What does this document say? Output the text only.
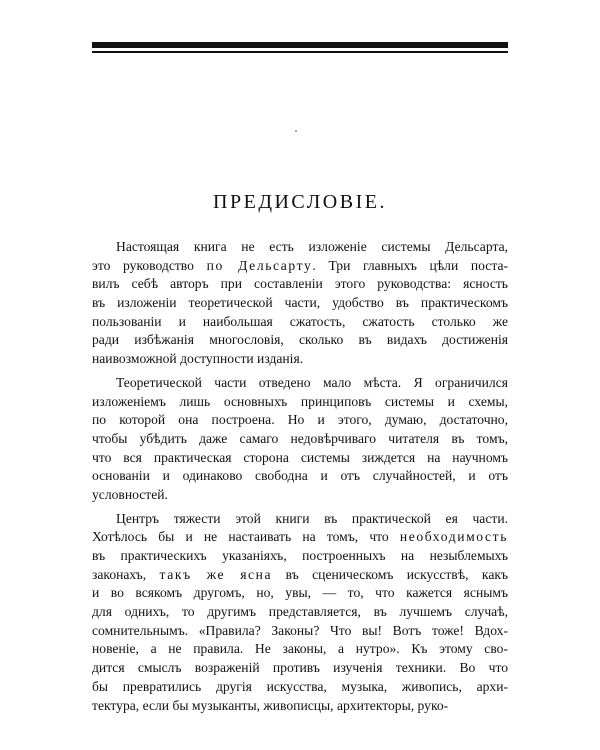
ПРЕДИСЛОВІЕ.
Настоящая книга не есть изложеніе системы Дельсарта,
это руководство по Дельсарту. Три главныхъ цѣли поста-
вилъ себѣ авторъ при составленіи этого руководства: ясность
въ изложеніи теоретической части, удобство въ практическомъ
пользованіи и наибольшая сжатость, сжатость столько же
ради избѣжанія многословія, сколько въ видахъ достиженія
наивозможной доступности изданія.
Теоретической части отведено мало мѣста. Я ограничился
изложеніемъ лишь основныхъ принциповъ системы и схемы,
по которой она построена. Но и этого, думаю, достаточно,
чтобы убѣдить даже самаго недовѣрчиваго читателя въ томъ,
что вся практическая сторона системы зиждется на научномъ
основаніи и одинаково свободна и отъ случайностей, и отъ
условностей.
Центръ тяжести этой книги въ практической ея части.
Хотѣлось бы и не настаивать на томъ, что необходимость
въ практическихъ указаніяхъ, построенныхъ на незыблемыхъ
законахъ, такъ же ясна въ сценическомъ искусствѣ, какъ
и во всякомъ другомъ, но, увы, — то, что кажется яснымъ
для однихъ, то другимъ представляется, въ лучшемъ случаѣ,
сомнительнымъ. «Правила? Законы? Что вы! Вотъ тоже! Вдох-
новеніе, а не правила. Не законы, а нутро». Къ этому сво-
дится смыслъ возраженій противъ изученія техники. Во что
бы превратились другія искусства, музыка, живопись, архи-
тектура, если бы музыканты, живописцы, архитекторы, руко-
